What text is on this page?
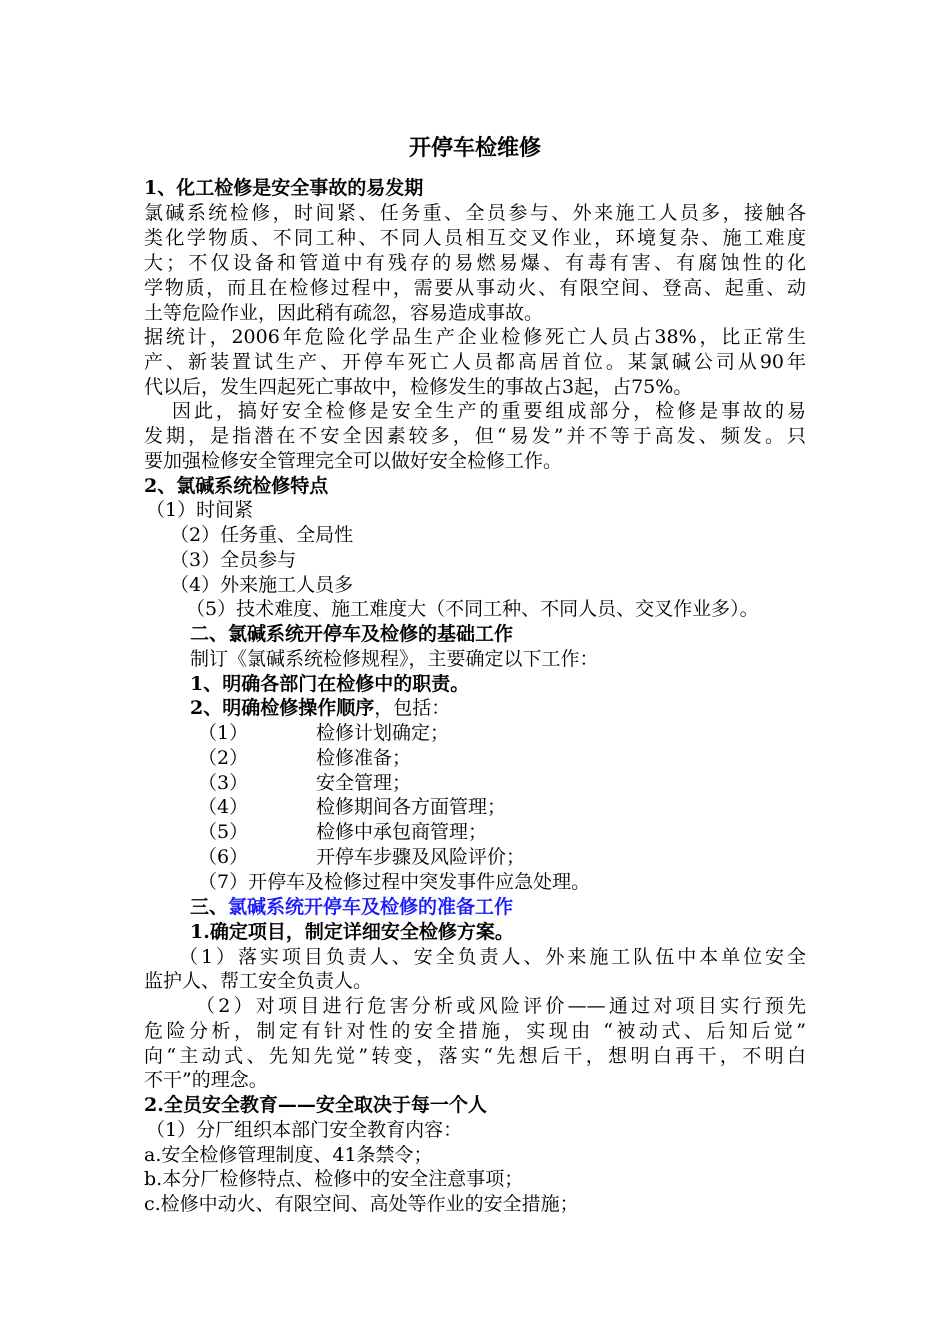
开停车检维修
1、化工检修是安全事故的易发期
氯碱系统检修，时间紧、任务重、全员参与、外来施工人员多，接触各
类化学物质、不同工种、不同人员相互交叉作业，环境复杂、施工难度
大；不仅设备和管道中有残存的易燃易爆、有毒有害、有腐蚀性的化
学物质，而且在检修过程中，需要从事动火、有限空间、登高、起重、动
土等危险作业，因此稍有疏忽，容易造成事故。
据统计，2006年危险化学品生产企业检修死亡人员占38%，比正常生
产、新装置试生产、开停车死亡人员都高居首位。某氯碱公司从90年
代以后，发生四起死亡事故中，检修发生的事故占3起，占75%。
因此，搞好安全检修是安全生产的重要组成部分，检修是事故的易
发期，是指潜在不安全因素较多，但“易发”并不等于高发、频发。只
要加强检修安全管理完全可以做好安全检修工作。
2、氯碱系统检修特点
（1）时间紧
（2）任务重、全局性
（3）全员参与
（4）外来施工人员多
（5）技术难度、施工难度大（不同工种、不同人员、交叉作业多）。
二、氯碱系统开停车及检修的基础工作
制订《氯碱系统检修规程》，主要确定以下工作：
1、明确各部门在检修中的职责。
2、明确检修操作顺序，包括：
（1）	检修计划确定；
（2）	检修准备；
（3）	安全管理；
（4）	检修期间各方面管理；
（5）	检修中承包商管理；
（6）	开停车步骤及风险评价；
（7）开停车及检修过程中突发事件应急处理。
三、氯碱系统开停车及检修的准备工作
1.确定项目，制定详细安全检修方案。
（1）落实项目负责人、安全负责人、外来施工队伍中本单位安全
监护人、帮工安全负责人。
（2）对项目进行危害分析或风险评价——通过对项目实行预先
危险分析，制定有针对性的安全措施，实现由 “被动式、后知后觉”
向“主动式、先知先觉”转变，落实“先想后干，想明白再干，不明白
不干”的理念。
2.全员安全教育——安全取决于每一个人
（1）分厂组织本部门安全教育内容：
a.安全检修管理制度、41条禁令；
b.本分厂检修特点、检修中的安全注意事项；
c.检修中动火、有限空间、高处等作业的安全措施；
